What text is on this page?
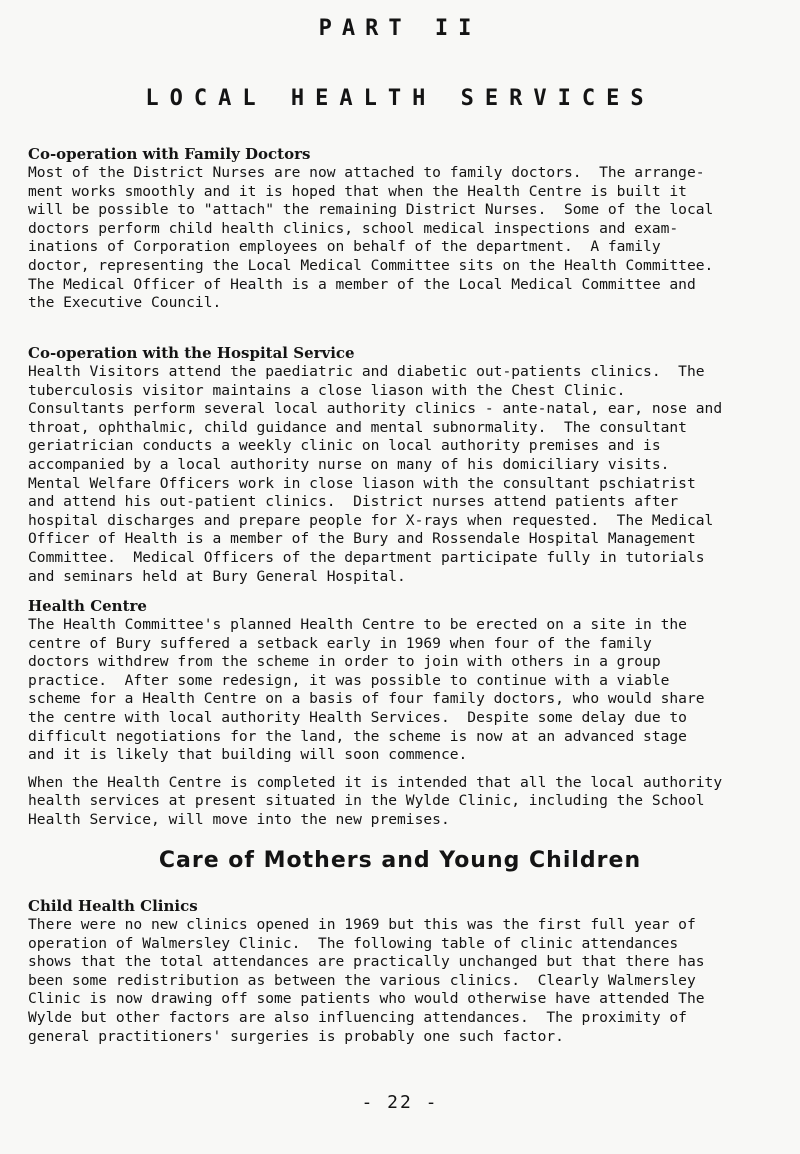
PART II
LOCAL HEALTH SERVICES

Co-operation with Family Doctors

Most of the District Nurses are now attached to family doctors.  The arrange-

ment works smoothly and it is hoped that when the Health Centre is built it

will be possible to "attach" the remaining District Nurses.  Some of the local

doctors perform child health clinics, school medical inspections and exam-

inations of Corporation employees on behalf of the department.  A family

doctor, representing the Local Medical Committee sits on the Health Committee.

The Medical Officer of Health is a member of the Local Medical Committee and

the Executive Council.

Co-operation with the Hospital Service

Health Visitors attend the paediatric and diabetic out-patients clinics.  The

tuberculosis visitor maintains a close liason with the Chest Clinic.

Consultants perform several local authority clinics - ante-natal, ear, nose and

throat, ophthalmic, child guidance and mental subnormality.  The consultant

geriatrician conducts a weekly clinic on local authority premises and is

accompanied by a local authority nurse on many of his domiciliary visits.

Mental Welfare Officers work in close liason with the consultant pschiatrist

and attend his out-patient clinics.  District nurses attend patients after

hospital discharges and prepare people for X-rays when requested.  The Medical

Officer of Health is a member of the Bury and Rossendale Hospital Management

Committee.  Medical Officers of the department participate fully in tutorials

and seminars held at Bury General Hospital.

Health Centre

The Health Committee's planned Health Centre to be erected on a site in the

centre of Bury suffered a setback early in 1969 when four of the family

doctors withdrew from the scheme in order to join with others in a group

practice.  After some redesign, it was possible to continue with a viable

scheme for a Health Centre on a basis of four family doctors, who would share

the centre with local authority Health Services.  Despite some delay due to

difficult negotiations for the land, the scheme is now at an advanced stage

and it is likely that building will soon commence.

When the Health Centre is completed it is intended that all the local authority

health services at present situated in the Wylde Clinic, including the School

Health Service, will move into the new premises.

Care of Mothers and Young Children

Child Health Clinics

There were no new clinics opened in 1969 but this was the first full year of

operation of Walmersley Clinic.  The following table of clinic attendances

shows that the total attendances are practically unchanged but that there has

been some redistribution as between the various clinics.  Clearly Walmersley

Clinic is now drawing off some patients who would otherwise have attended The

Wylde but other factors are also influencing attendances.  The proximity of

general practitioners' surgeries is probably one such factor.

- 22 -
